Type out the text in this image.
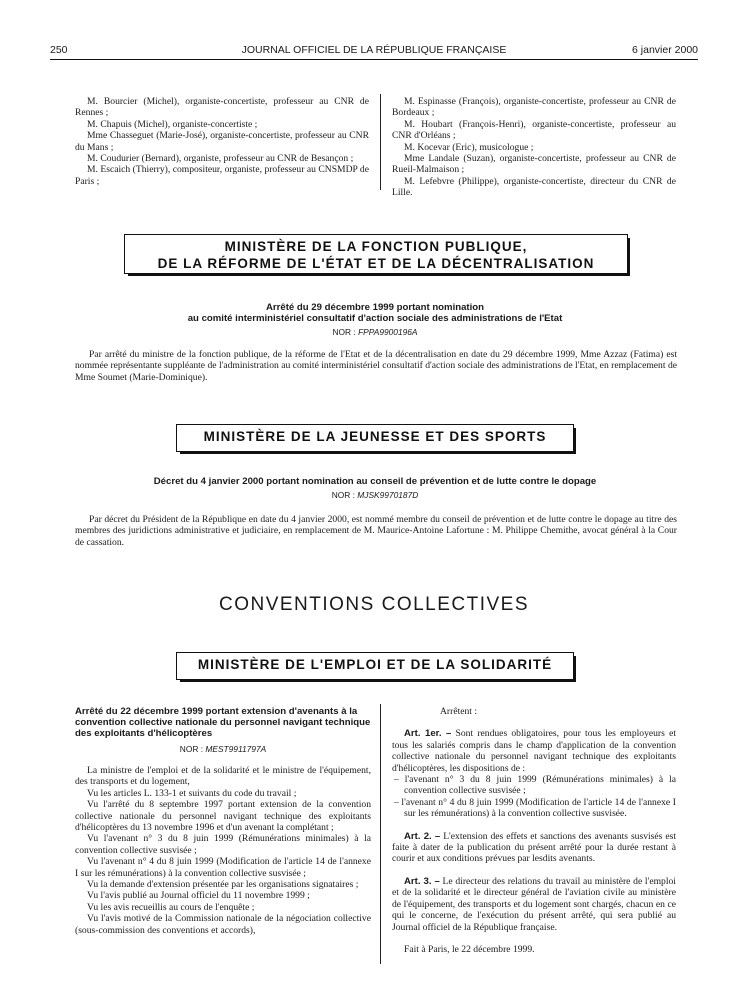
250	JOURNAL OFFICIEL DE LA RÉPUBLIQUE FRANÇAISE	6 janvier 2000

M. Bourcier (Michel), organiste-concertiste, professeur au CNR de Rennes ;

M. Chapuis (Michel), organiste-concertiste ;

Mme Chasseguet (Marie-José), organiste-concertiste, professeur au CNR du Mans ;

M. Coudurier (Bernard), organiste, professeur au CNR de Besançon ;

M. Escaich (Thierry), compositeur, organiste, professeur au CNSMDP de Paris ;

M. Espinasse (François), organiste-concertiste, professeur au CNR de Bordeaux ;

M. Houbart (François-Henri), organiste-concertiste, professeur au CNR d'Orléans ;

M. Kocevar (Eric), musicologue ;

Mme Landale (Suzan), organiste-concertiste, professeur au CNR de Rueil-Malmaison ;

M. Lefebvre (Philippe), organiste-concertiste, directeur du CNR de Lille.

MINISTÈRE DE LA FONCTION PUBLIQUE,
DE LA RÉFORME DE L'ÉTAT ET DE LA DÉCENTRALISATION
Arrêté du 29 décembre 1999 portant nomination
au comité interministériel consultatif d'action sociale des administrations de l'Etat
NOR : FPPA9900196A
Par arrêté du ministre de la fonction publique, de la réforme de l'Etat et de la décentralisation en date du 29 décembre 1999, Mme Azzaz (Fatima) est nommée représentante suppléante de l'administration au comité interministériel consultatif d'action sociale des administrations de l'Etat, en remplacement de Mme Soumet (Marie-Dominique).
MINISTÈRE DE LA JEUNESSE ET DES SPORTS
Décret du 4 janvier 2000 portant nomination au conseil de prévention et de lutte contre le dopage
NOR : MJSK9970187D
Par décret du Président de la République en date du 4 janvier 2000, est nommé membre du conseil de prévention et de lutte contre le dopage au titre des membres des juridictions administrative et judiciaire, en remplacement de M. Maurice-Antoine Lafortune : M. Philippe Chemithe, avocat général à la Cour de cassation.
CONVENTIONS COLLECTIVES
MINISTÈRE DE L'EMPLOI ET DE LA SOLIDARITÉ
Arrêté du 22 décembre 1999 portant extension d'avenants à la convention collective nationale du personnel navigant technique des exploitants d'hélicoptères
NOR : MEST9911797A

La ministre de l'emploi et de la solidarité et le ministre de l'équipement, des transports et du logement,

Vu les articles L. 133-1 et suivants du code du travail ;

Vu l'arrêté du 8 septembre 1997 portant extension de la convention collective nationale du personnel navigant technique des exploitants d'hélicoptères du 13 novembre 1996 et d'un avenant la complétant ;

Vu l'avenant n° 3 du 8 juin 1999 (Rémunérations minimales) à la convention collective susvisée ;

Vu l'avenant n° 4 du 8 juin 1999 (Modification de l'article 14 de l'annexe I sur les rémunérations) à la convention collective susvisée ;

Vu la demande d'extension présentée par les organisations signataires ;

Vu l'avis publié au Journal officiel du 11 novembre 1999 ;

Vu les avis recueillis au cours de l'enquête ;

Vu l'avis motivé de la Commission nationale de la négociation collective (sous-commission des conventions et accords),

Arrêtent :

Art. 1er. – Sont rendues obligatoires, pour tous les employeurs et tous les salariés compris dans le champ d'application de la convention collective nationale du personnel navigant technique des exploitants d'hélicoptères, les dispositions de :

– l'avenant n° 3 du 8 juin 1999 (Rémunérations minimales) à la convention collective susvisée ;

– l'avenant n° 4 du 8 juin 1999 (Modification de l'article 14 de l'annexe I sur les rémunérations) à la convention collective susvisée.

Art. 2. – L'extension des effets et sanctions des avenants susvisés est faite à dater de la publication du présent arrêté pour la durée restant à courir et aux conditions prévues par lesdits avenants.

Art. 3. – Le directeur des relations du travail au ministère de l'emploi et de la solidarité et le directeur général de l'aviation civile au ministère de l'équipement, des transports et du logement sont chargés, chacun en ce qui le concerne, de l'exécution du présent arrêté, qui sera publié au Journal officiel de la République française.

Fait à Paris, le 22 décembre 1999.
